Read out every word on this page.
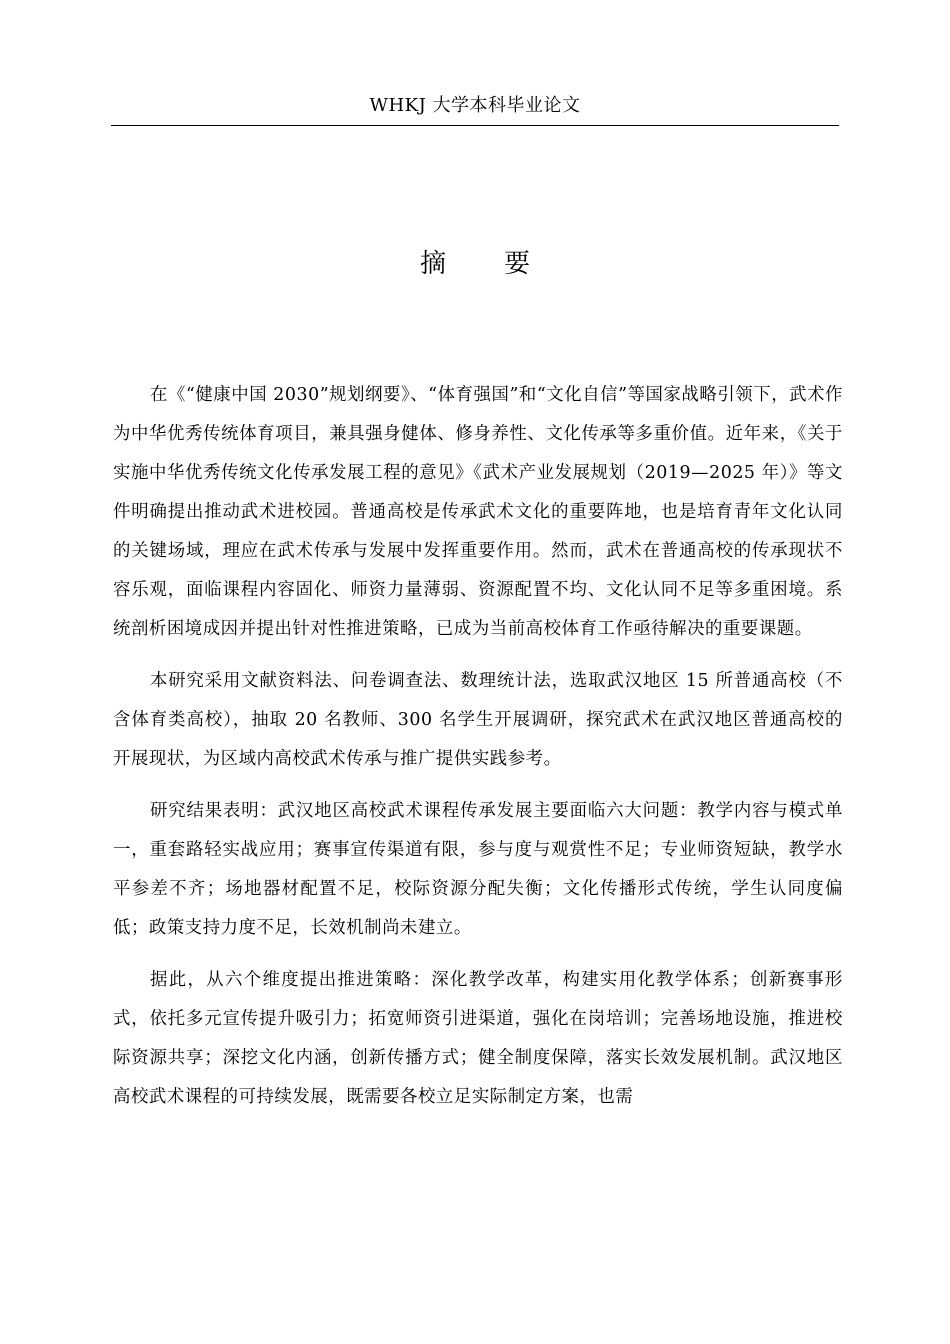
WHKJ 大学本科毕业论文
摘要

在《“健康中国 2030”规划纲要》、“体育强国”和“文化自信”等国家战略引领下，武术作为中华优秀传统体育项目，兼具强身健体、修身养性、文化传承等多重价值。近年来，《关于实施中华优秀传统文化传承发展工程的意见》《武术产业发展规划（2019—2025 年）》等文件明确提出推动武术进校园。普通高校是传承武术文化的重要阵地，也是培育青年文化认同的关键场域，理应在武术传承与发展中发挥重要作用。然而，武术在普通高校的传承现状不容乐观，面临课程内容固化、师资力量薄弱、资源配置不均、文化认同不足等多重困境。系统剖析困境成因并提出针对性推进策略，已成为当前高校体育工作亟待解决的重要课题。

本研究采用文献资料法、问卷调查法、数理统计法，选取武汉地区 15 所普通高校（不含体育类高校），抽取 20 名教师、300 名学生开展调研，探究武术在武汉地区普通高校的开展现状，为区域内高校武术传承与推广提供实践参考。

研究结果表明：武汉地区高校武术课程传承发展主要面临六大问题：教学内容与模式单一，重套路轻实战应用；赛事宣传渠道有限，参与度与观赏性不足；专业师资短缺，教学水平参差不齐；场地器材配置不足，校际资源分配失衡；文化传播形式传统，学生认同度偏低；政策支持力度不足，长效机制尚未建立。

据此，从六个维度提出推进策略：深化教学改革，构建实用化教学体系；创新赛事形式，依托多元宣传提升吸引力；拓宽师资引进渠道，强化在岗培训；完善场地设施，推进校际资源共享；深挖文化内涵，创新传播方式；健全制度保障，落实长效发展机制。武汉地区高校武术课程的可持续发展，既需要各校立足实际制定方案，也需
